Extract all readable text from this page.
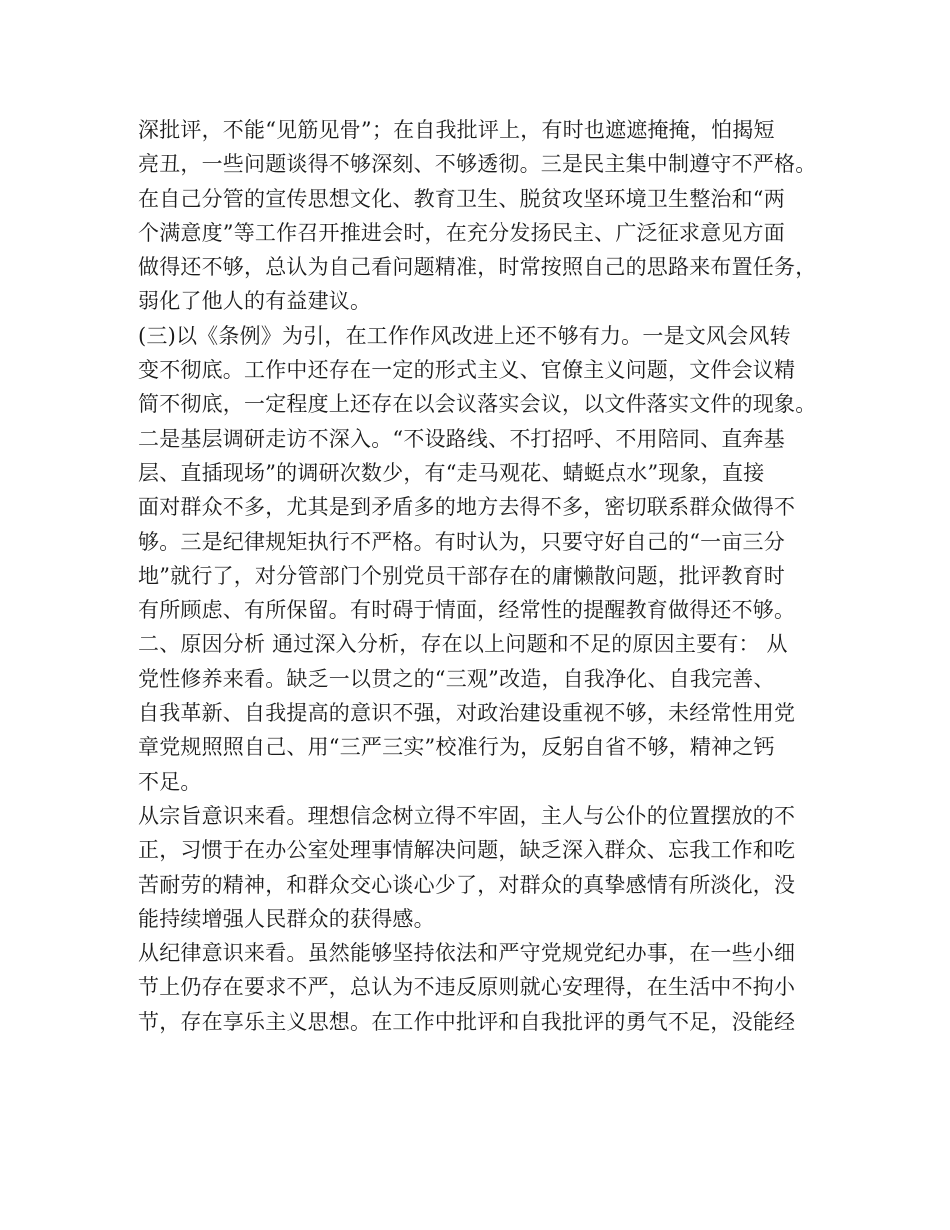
深批评，不能“见筋见骨”；在自我批评上，有时也遮遮掩掩，怕揭短
亮丑，一些问题谈得不够深刻、不够透彻。三是民主集中制遵守不严格。
在自己分管的宣传思想文化、教育卫生、脱贫攻坚环境卫生整治和“两
个满意度”等工作召开推进会时，在充分发扬民主、广泛征求意见方面
做得还不够，总认为自己看问题精准，时常按照自己的思路来布置任务，
弱化了他人的有益建议。
(三)以《条例》为引，在工作作风改进上还不够有力。一是文风会风转
变不彻底。工作中还存在一定的形式主义、官僚主义问题，文件会议精
简不彻底，一定程度上还存在以会议落实会议，以文件落实文件的现象。
二是基层调研走访不深入。“不设路线、不打招呼、不用陪同、直奔基
层、直插现场”的调研次数少，有“走马观花、蜻蜓点水”现象，直接
面对群众不多，尤其是到矛盾多的地方去得不多，密切联系群众做得不
够。三是纪律规矩执行不严格。有时认为，只要守好自己的“一亩三分
地”就行了，对分管部门个别党员干部存在的庸懒散问题，批评教育时
有所顾虑、有所保留。有时碍于情面，经常性的提醒教育做得还不够。
二、原因分析 通过深入分析，存在以上问题和不足的原因主要有： 从
党性修养来看。缺乏一以贯之的“三观”改造，自我净化、自我完善、
自我革新、自我提高的意识不强，对政治建设重视不够，未经常性用党
章党规照照自己、用“三严三实”校准行为，反躬自省不够，精神之钙
不足。
从宗旨意识来看。理想信念树立得不牢固，主人与公仆的位置摆放的不
正，习惯于在办公室处理事情解决问题，缺乏深入群众、忘我工作和吃
苦耐劳的精神，和群众交心谈心少了，对群众的真挚感情有所淡化，没
能持续增强人民群众的获得感。
从纪律意识来看。虽然能够坚持依法和严守党规党纪办事，在一些小细
节上仍存在要求不严，总认为不违反原则就心安理得，在生活中不拘小
节，存在享乐主义思想。在工作中批评和自我批评的勇气不足，没能经
